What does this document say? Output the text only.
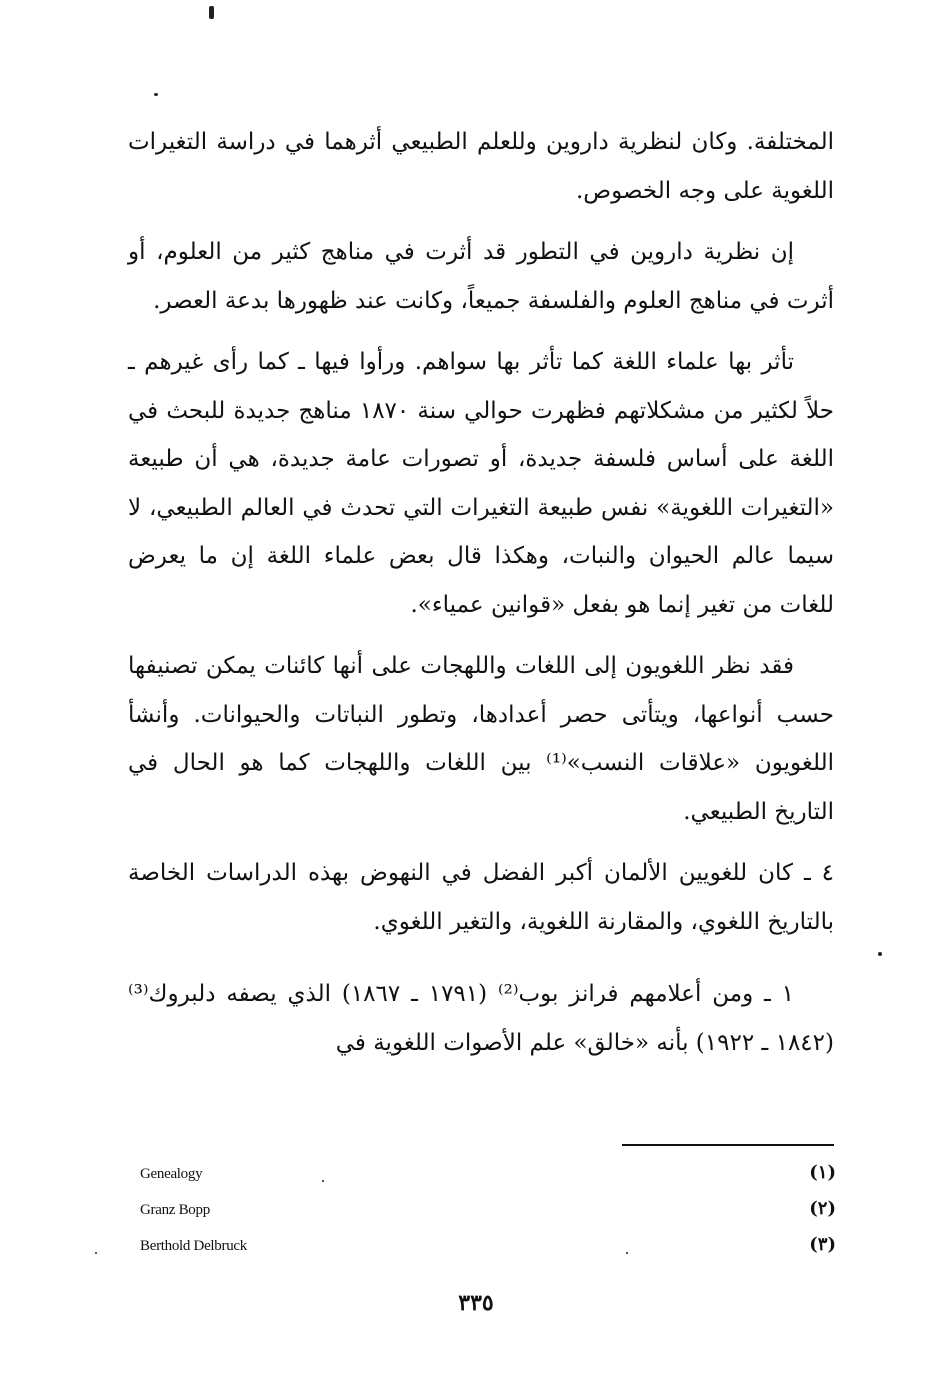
المختلفة. وكان لنظرية داروين وللعلم الطبيعي أثرهما في دراسة التغيرات اللغوية على وجه الخصوص.

إن نظرية داروين في التطور قد أثرت في مناهج كثير من العلوم، أو أثرت في مناهج العلوم والفلسفة جميعاً، وكانت عند ظهورها بدعة العصر.

تأثر بها علماء اللغة كما تأثر بها سواهم. ورأوا فيها ـ كما رأى غيرهم ـ حلاً لكثير من مشكلاتهم فظهرت حوالي سنة ١٨٧٠ مناهج جديدة للبحث في اللغة على أساس فلسفة جديدة، أو تصورات عامة جديدة، هي أن طبيعة «التغيرات اللغوية» نفس طبيعة التغيرات التي تحدث في العالم الطبيعي، لا سيما عالم الحيوان والنبات، وهكذا قال بعض علماء اللغة إن ما يعرض للغات من تغير إنما هو بفعل «قوانين عمياء».

فقد نظر اللغويون إلى اللغات واللهجات على أنها كائنات يمكن تصنيفها حسب أنواعها، ويتأتى حصر أعدادها، وتطور النباتات والحيوانات. وأنشأ اللغويون «علاقات النسب»⁽¹⁾ بين اللغات واللهجات كما هو الحال في التاريخ الطبيعي.

٤ ـ كان للغويين الألمان أكبر الفضل في النهوض بهذه الدراسات الخاصة بالتاريخ اللغوي، والمقارنة اللغوية، والتغير اللغوي.

١ ـ ومن أعلامهم فرانز بوب⁽²⁾ (١٧٩١ ـ ١٨٦٧) الذي يصفه دلبروك⁽³⁾ (١٨٤٢ ـ ١٩٢٢) بأنه «خالق» علم الأصوات اللغوية في

(١)
Genealogy
(٢)
Granz Bopp
(٣)
Berthold Delbruck
٣٣٥
